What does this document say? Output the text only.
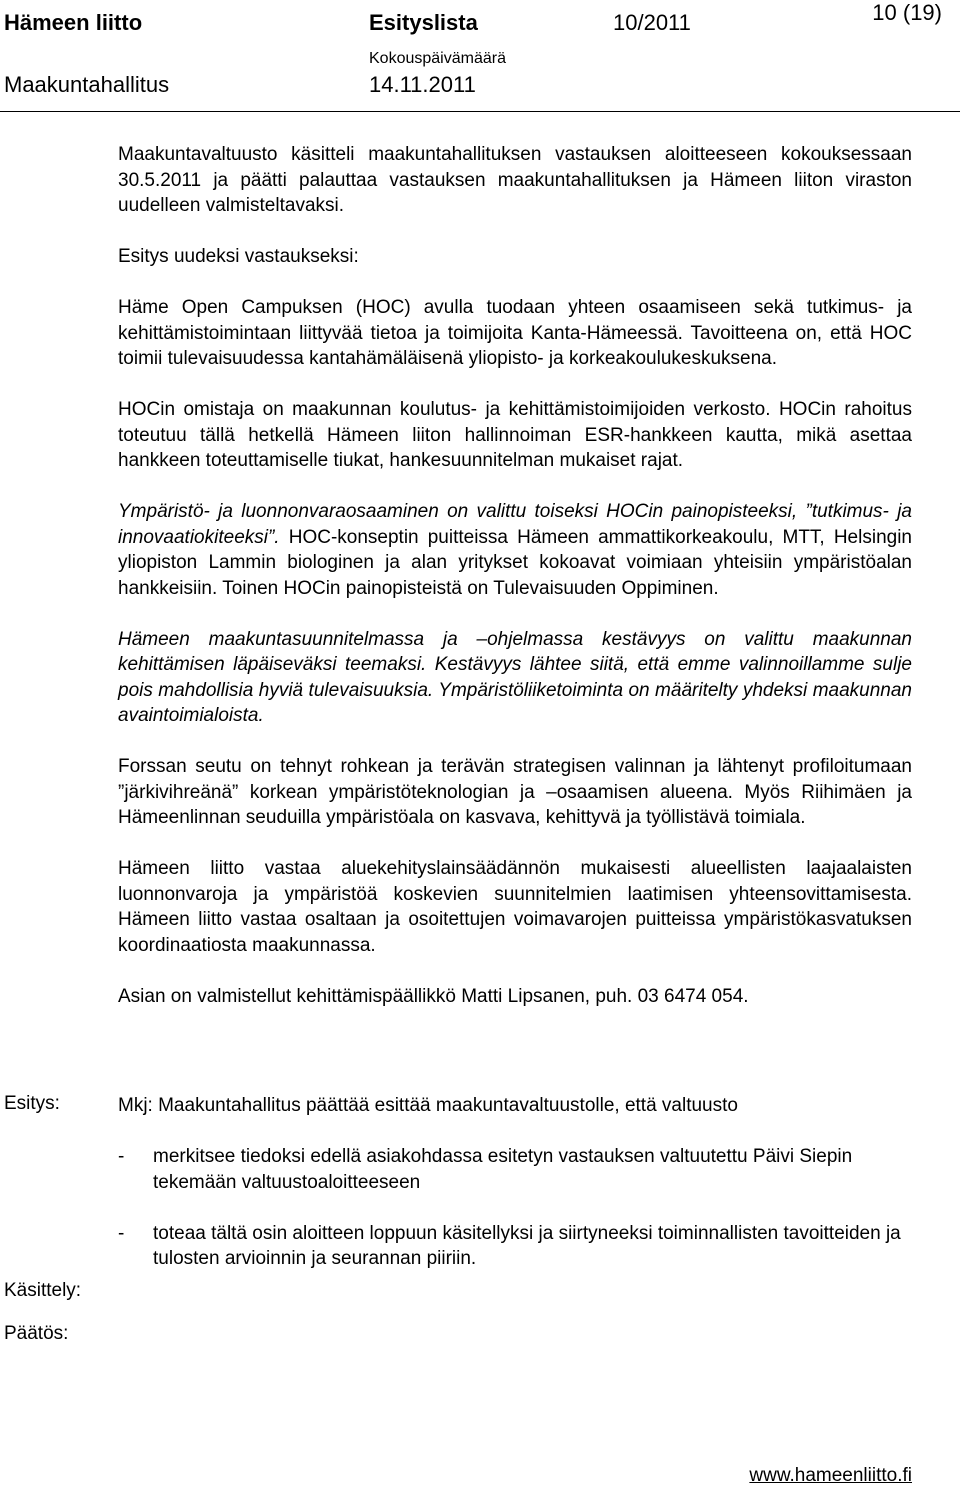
Hämeen liitto	Esityslista	10/2011	10 (19)
Maakuntahallitus
Kokouspäivämäärä
14.11.2011

Maakuntavaltuusto käsitteli maakuntahallituksen vastauksen aloitteeseen kokouksessaan 30.5.2011 ja päätti palauttaa vastauksen maakuntahallituksen ja Hämeen liiton viraston uudelleen valmisteltavaksi.

Esitys uudeksi vastaukseksi:

Häme Open Campuksen (HOC) avulla tuodaan yhteen osaamiseen sekä tutkimus- ja kehittämistoimintaan liittyvää tietoa ja toimijoita Kanta-Hämeessä. Tavoitteena on, että HOC toimii tulevaisuudessa kantahämäläisenä yliopisto- ja korkeakoulukeskuksena.

HOCin omistaja on maakunnan koulutus- ja kehittämistoimijoiden verkosto. HOCin rahoitus toteutuu tällä hetkellä Hämeen liiton hallinnoiman ESR-hankkeen kautta, mikä asettaa hankkeen toteuttamiselle tiukat, hankesuunnitelman mukaiset rajat.

Ympäristö- ja luonnonvaraosaaminen on valittu toiseksi HOCin painopisteeksi, ”tutkimus- ja innovaatiokiteeksi”. HOC-konseptin puitteissa Hämeen ammattikorkeakoulu, MTT, Helsingin yliopiston Lammin biologinen ja alan yritykset kokoavat voimiaan yhteisiin ympäristöalan hankkeisiin. Toinen HOCin painopisteistä on Tulevaisuuden Oppiminen.

Hämeen maakuntasuunnitelmassa ja –ohjelmassa kestävyys on valittu maakunnan kehittämisen läpäiseväksi teemaksi. Kestävyys lähtee siitä, että emme valinnoillamme sulje pois mahdollisia hyviä tulevaisuuksia. Ympäristöliiketoiminta on määritelty yhdeksi maakunnan avaintoimialoista.

Forssan seutu on tehnyt rohkean ja terävän strategisen valinnan ja lähtenyt profiloitumaan ”järkivihreänä” korkean ympäristöteknologian ja –osaamisen alueena. Myös Riihimäen ja Hämeenlinnan seuduilla ympäristöala on kasvava, kehittyvä ja työllistävä toimiala.

Hämeen liitto vastaa aluekehityslainsäädännön mukaisesti alueellisten laajaalaisten luonnonvaroja ja ympäristöä koskevien suunnitelmien laatimisen yhteensovittamisesta. Hämeen liitto vastaa osaltaan ja osoitettujen voimavarojen puitteissa ympäristökasvatuksen koordinaatiosta maakunnassa.

Asian on valmistellut kehittämispäällikkö Matti Lipsanen, puh. 03 6474 054.

Esitys:	Mkj: Maakuntahallitus päättää esittää maakuntavaltuustolle, että valtuusto

-	merkitsee tiedoksi edellä asiakohdassa esitetyn vastauksen valtuutettu Päivi Siepin tekemään valtuustoaloitteeseen
-	toteaa tältä osin aloitteen loppuun käsitellyksi ja siirtyneeksi toiminnallisten tavoitteiden ja tulosten arvioinnin ja seurannan piiriin.
Käsittely:
Päätös:
www.hameenliitto.fi
